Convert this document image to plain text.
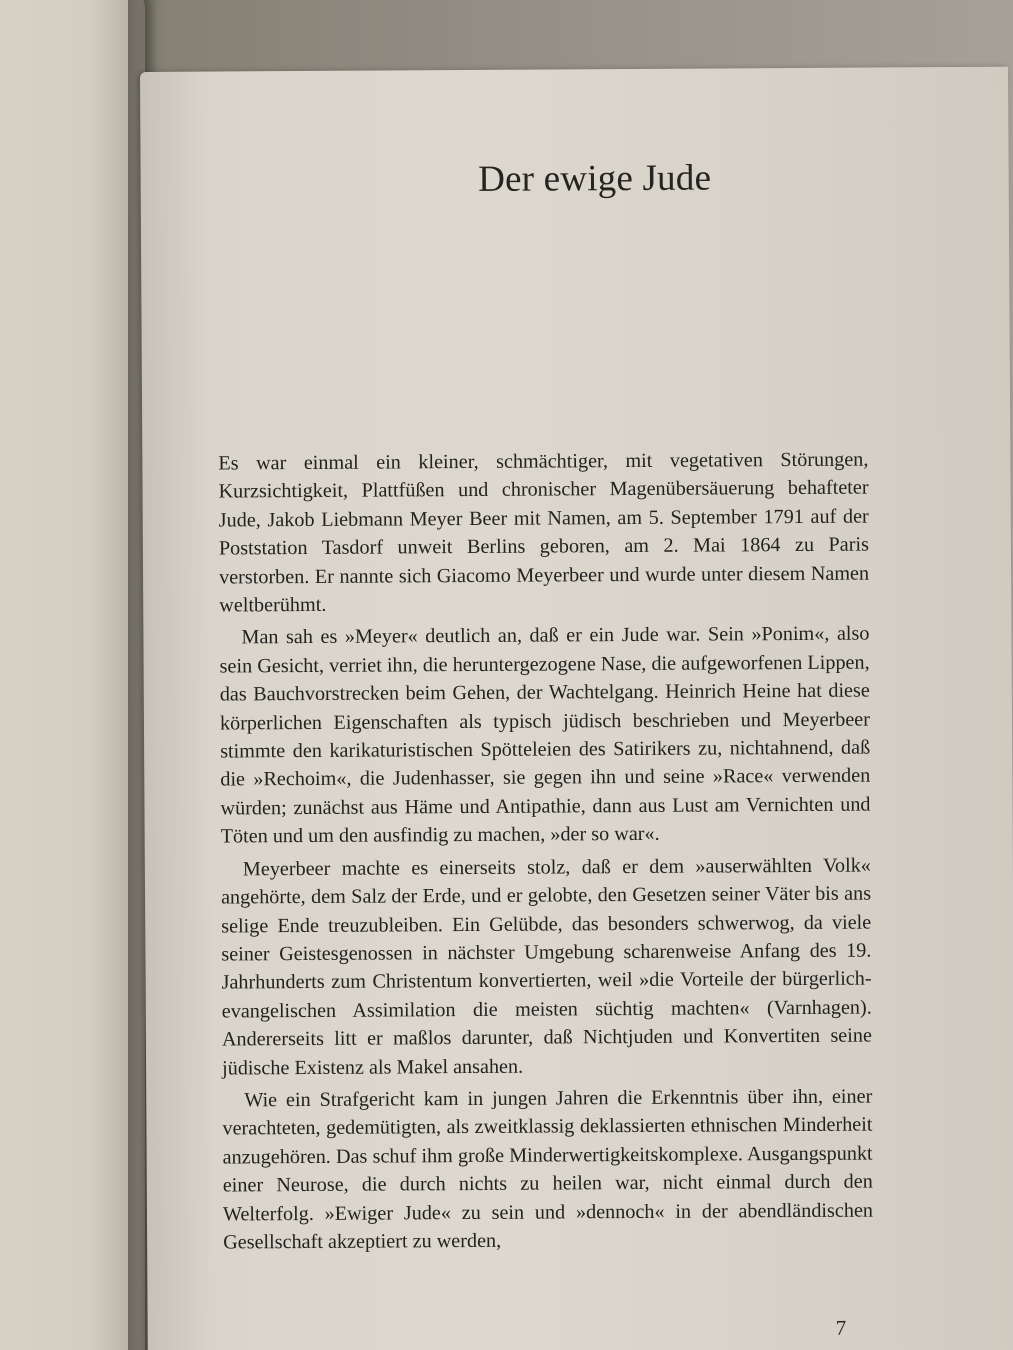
Der ewige Jude

Es war einmal ein kleiner, schmächtiger, mit vegetativen Störungen, Kurzsichtigkeit, Plattfüßen und chronischer Magenübersäuerung behafteter Jude, Jakob Liebmann Meyer Beer mit Namen, am 5. September 1791 auf der Poststation Tasdorf unweit Berlins geboren, am 2. Mai 1864 zu Paris verstorben. Er nannte sich Giacomo Meyerbeer und wurde unter diesem Namen weltberühmt.

Man sah es »Meyer« deutlich an, daß er ein Jude war. Sein »Ponim«, also sein Gesicht, verriet ihn, die heruntergezogene Nase, die aufgeworfenen Lippen, das Bauchvorstrecken beim Gehen, der Wachtelgang. Heinrich Heine hat diese körperlichen Eigenschaften als typisch jüdisch beschrieben und Meyerbeer stimmte den karikaturistischen Spötteleien des Satirikers zu, nichtahnend, daß die »Rechoim«, die Judenhasser, sie gegen ihn und seine »Race« verwenden würden; zunächst aus Häme und Antipathie, dann aus Lust am Vernichten und Töten und um den ausfindig zu machen, »der so war«.

Meyerbeer machte es einerseits stolz, daß er dem »auserwählten Volk« angehörte, dem Salz der Erde, und er gelobte, den Gesetzen seiner Väter bis ans selige Ende treuzubleiben. Ein Gelübde, das besonders schwerwog, da viele seiner Geistesgenossen in nächster Umgebung scharenweise Anfang des 19. Jahrhunderts zum Christentum konvertierten, weil »die Vorteile der bürgerlich-evangelischen Assimilation die meisten süchtig machten« (Varnhagen). Andererseits litt er maßlos darunter, daß Nichtjuden und Konvertiten seine jüdische Existenz als Makel ansahen.

Wie ein Strafgericht kam in jungen Jahren die Erkenntnis über ihn, einer verachteten, gedemütigten, als zweitklassig deklassierten ethnischen Minderheit anzugehören. Das schuf ihm große Minderwertigkeitskomplexe. Ausgangspunkt einer Neurose, die durch nichts zu heilen war, nicht einmal durch den Welterfolg. »Ewiger Jude« zu sein und »dennoch« in der abendländischen Gesellschaft akzeptiert zu werden,

7
